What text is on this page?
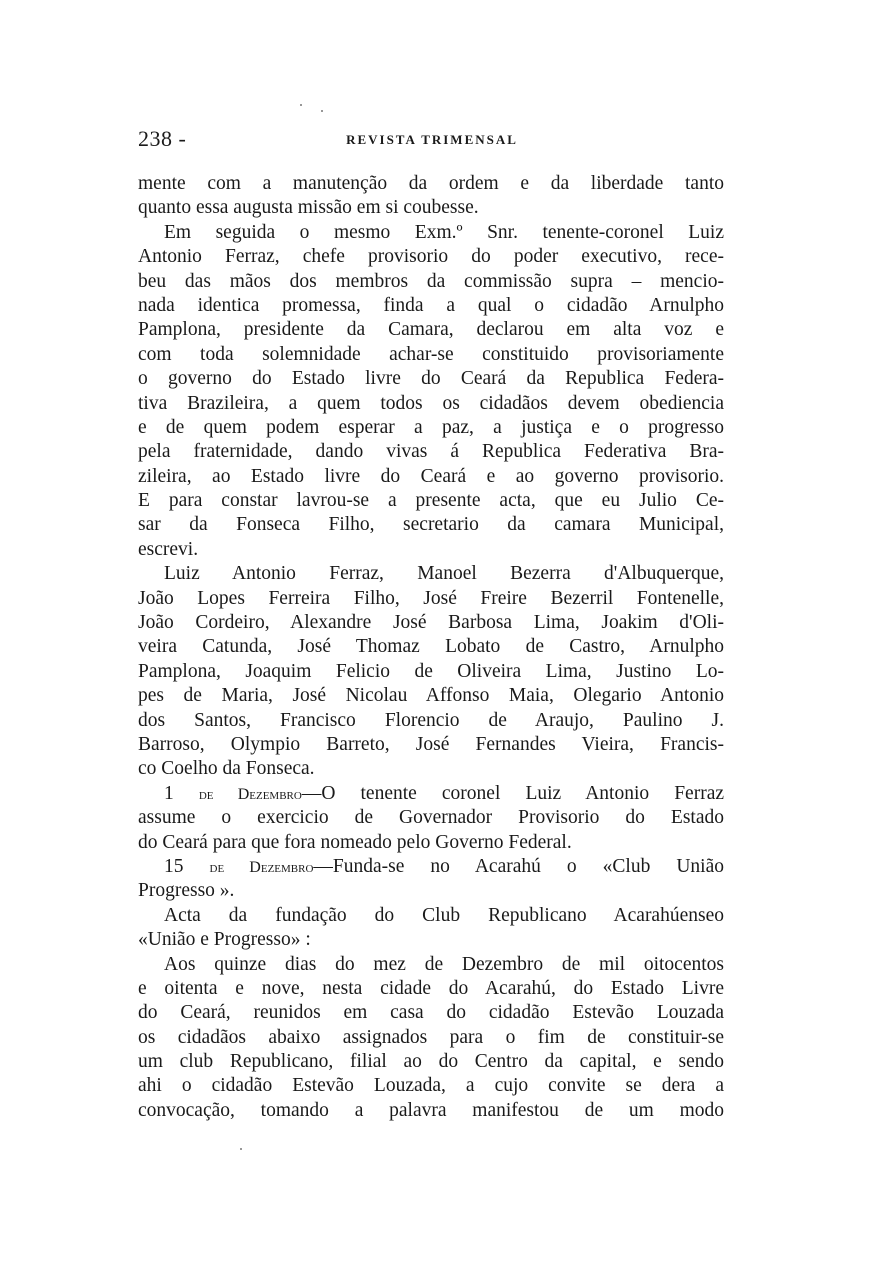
238 -	REVISTA TRIMENSAL
mente com a manutenção da ordem e da liberdade tanto
quanto essa augusta missão em si coubesse.
Em seguida o mesmo Exm.º Snr. tenente-coronel Luiz
Antonio Ferraz, chefe provisorio do poder executivo, rece-
beu das mãos dos membros da commissão supra – mencio-
nada identica promessa, finda a qual o cidadão Arnulpho
Pamplona, presidente da Camara, declarou em alta voz e
com toda solemnidade achar-se constituido provisoriamente
o governo do Estado livre do Ceará da Republica Federa-
tiva Brazileira, a quem todos os cidadãos devem obediencia
e de quem podem esperar a paz, a justiça e o progresso
pela fraternidade, dando vivas á Republica Federativa Bra-
zileira, ao Estado livre do Ceará e ao governo provisorio.
E para constar lavrou-se a presente acta, que eu Julio Ce-
sar da Fonseca Filho, secretario da camara Municipal,
escrevi.
Luiz Antonio Ferraz, Manoel Bezerra d'Albuquerque,
João Lopes Ferreira Filho, José Freire Bezerril Fontenelle,
João Cordeiro, Alexandre José Barbosa Lima, Joakim d'Oli-
veira Catunda, José Thomaz Lobato de Castro, Arnulpho
Pamplona, Joaquim Felicio de Oliveira Lima, Justino Lo-
pes de Maria, José Nicolau Affonso Maia, Olegario Antonio
dos Santos, Francisco Florencio de Araujo, Paulino J.
Barroso, Olympio Barreto, José Fernandes Vieira, Francis-
co Coelho da Fonseca.
1 de Dezembro—O tenente coronel Luiz Antonio Ferraz
assume o exercicio de Governador Provisorio do Estado
do Ceará para que fora nomeado pelo Governo Federal.
15 de Dezembro—Funda-se no Acarahú o «Club União
Progresso ».
Acta da fundação do Club Republicano Acarahúenseo
«União e Progresso» :
Aos quinze dias do mez de Dezembro de mil oitocentos
e oitenta e nove, nesta cidade do Acarahú, do Estado Livre
do Ceará, reunidos em casa do cidadão Estevão Louzada
os cidadãos abaixo assignados para o fim de constituir-se
um club Republicano, filial ao do Centro da capital, e sendo
ahi o cidadão Estevão Louzada, a cujo convite se dera a
convocação, tomando a palavra manifestou de um modo
